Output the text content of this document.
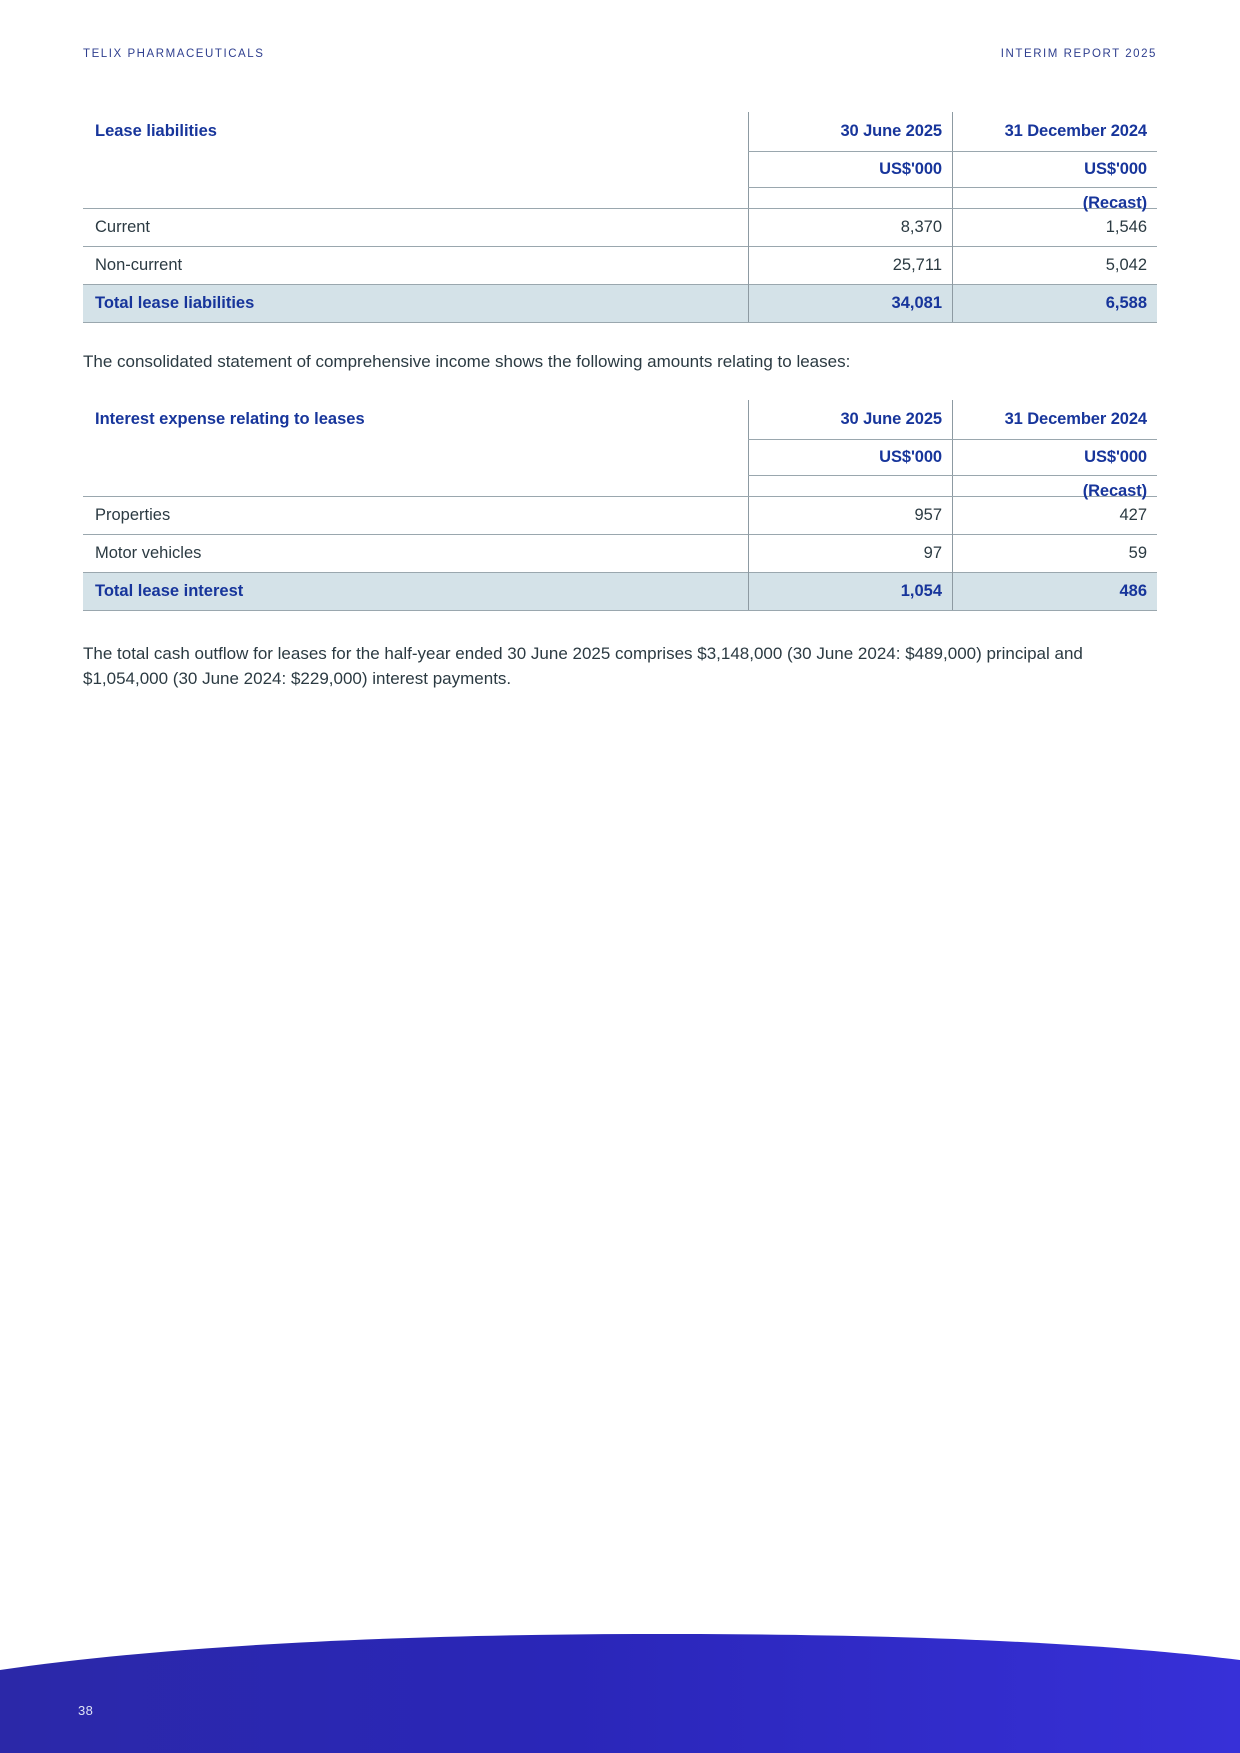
TELIX PHARMACEUTICALS	INTERIM REPORT 2025
Lease liabilities	30 June 2025	31 December 2024

	US$'000	US$'000

		(Recast)

Current	8,370	1,546

Non-current	25,711	5,042

Total lease liabilities	34,081	6,588

The consolidated statement of comprehensive income shows the following amounts relating to leases:

Interest expense relating to leases	30 June 2025	31 December 2024

	US$'000	US$'000

		(Recast)

Properties	957	427

Motor vehicles	97	59

Total lease interest	1,054	486

The total cash outflow for leases for the half-year ended 30 June 2025 comprises $3,148,000 (30 June 2024: $489,000) principal and $1,054,000 (30 June 2024: $229,000) interest payments.

38
